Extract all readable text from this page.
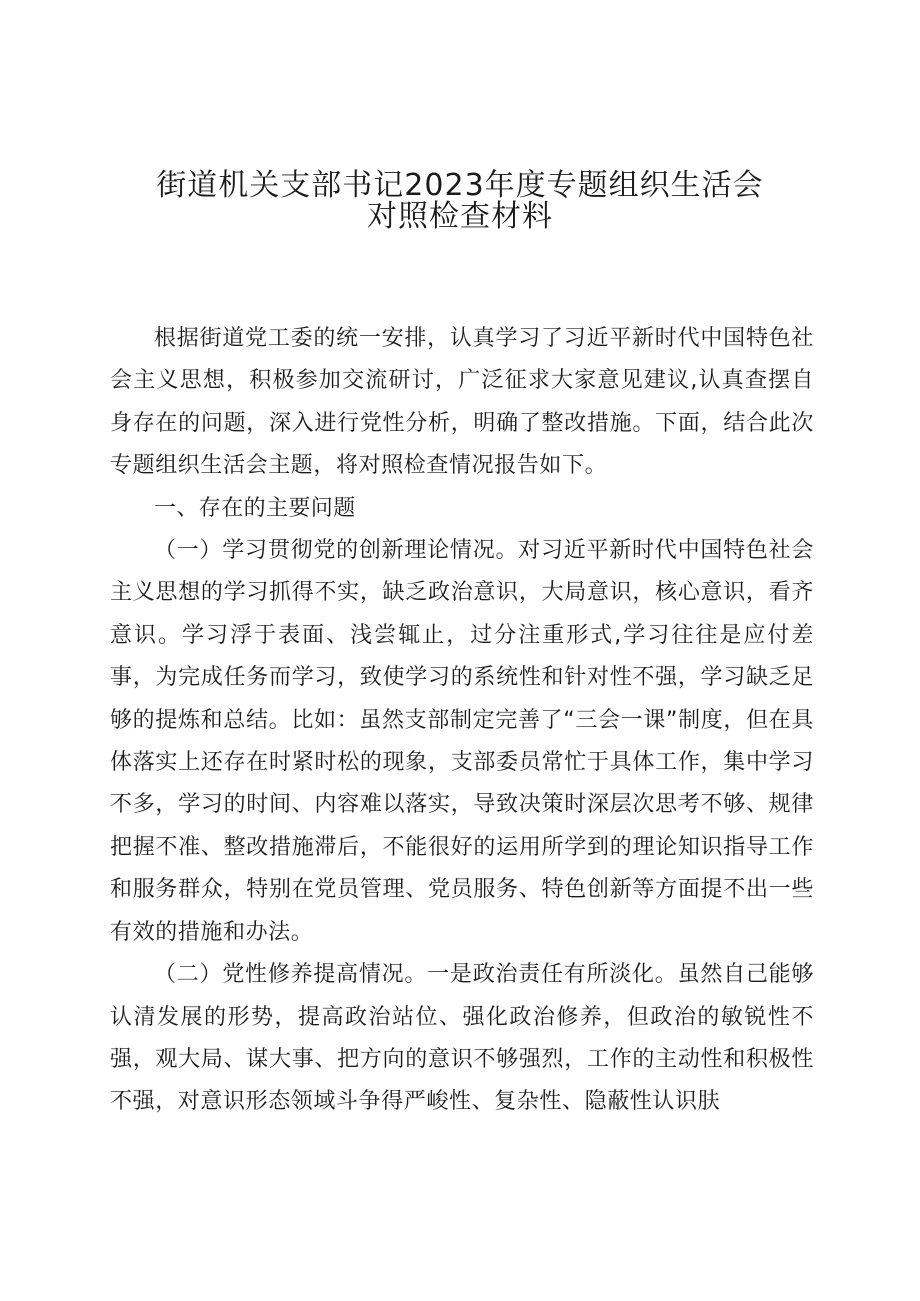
街道机关支部书记2023年度专题组织生活会
对照检查材料

根据街道党工委的统一安排，认真学习了习近平新时代中国特色社会主义思想，积极参加交流研讨，广泛征求大家意见建议,认真查摆自身存在的问题，深入进行党性分析，明确了整改措施。下面，结合此次专题组织生活会主题，将对照检查情况报告如下。

一、存在的主要问题

（一）学习贯彻党的创新理论情况。对习近平新时代中国特色社会主义思想的学习抓得不实，缺乏政治意识，大局意识，核心意识，看齐意识。学习浮于表面、浅尝辄止，过分注重形式,学习往往是应付差事，为完成任务而学习，致使学习的系统性和针对性不强，学习缺乏足够的提炼和总结。比如：虽然支部制定完善了“三会一课”制度，但在具体落实上还存在时紧时松的现象，支部委员常忙于具体工作，集中学习不多，学习的时间、内容难以落实，导致决策时深层次思考不够、规律把握不准、整改措施滞后，不能很好的运用所学到的理论知识指导工作和服务群众，特别在党员管理、党员服务、特色创新等方面提不出一些有效的措施和办法。

（二）党性修养提高情况。一是政治责任有所淡化。虽然自己能够认清发展的形势，提高政治站位、强化政治修养，但政治的敏锐性不强，观大局、谋大事、把方向的意识不够强烈，工作的主动性和积极性不强，对意识形态领域斗争得严峻性、复杂性、隐蔽性认识肤
